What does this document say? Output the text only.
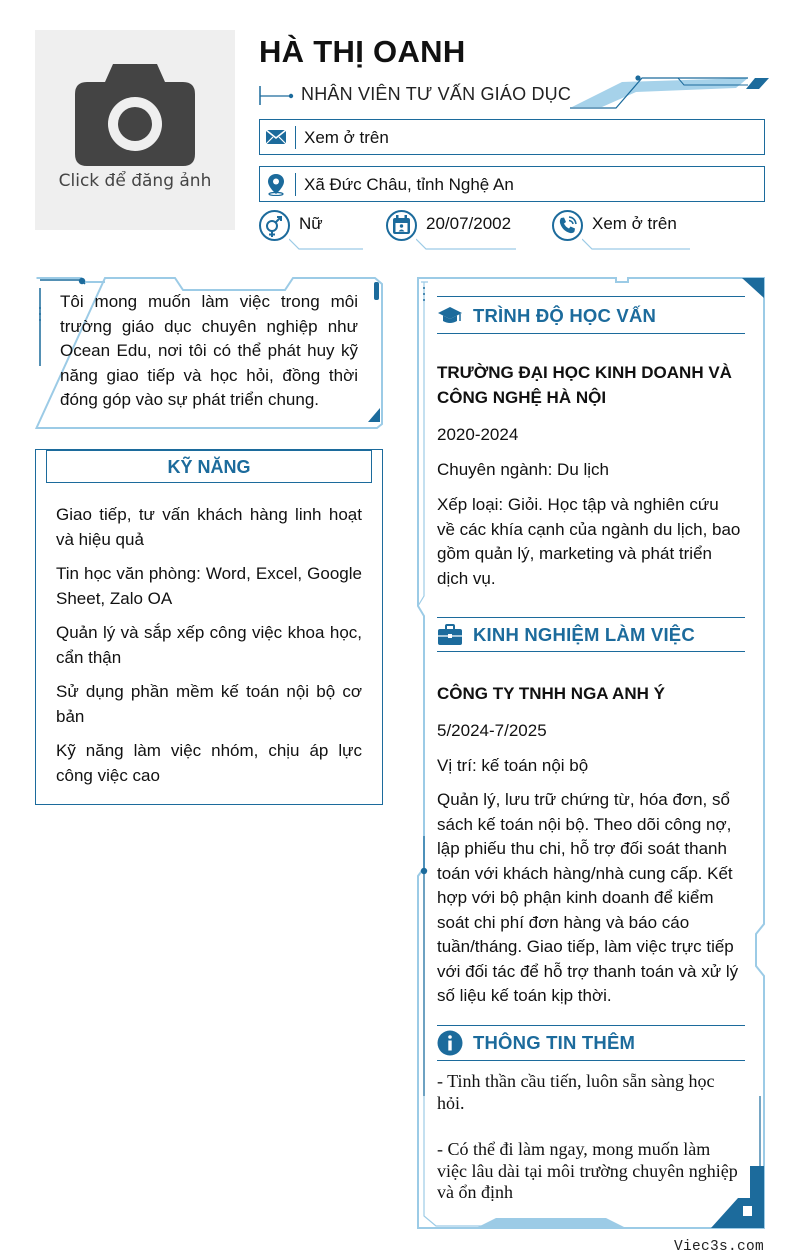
Click để đăng ảnh
HÀ THỊ OANH
NHÂN VIÊN TƯ VẤN GIÁO DỤC
Xem ở trên
Xã Đức Châu, tỉnh Nghệ An
Nữ	20/07/2002	Xem ở trên
Tôi mong muốn làm việc trong môi trường giáo dục chuyên nghiệp như Ocean Edu, nơi tôi có thể phát huy kỹ năng giao tiếp và học hỏi, đồng thời đóng góp vào sự phát triển chung.
KỸ NĂNG
Giao tiếp, tư vấn khách hàng linh hoạt và hiệu quả
Tin học văn phòng: Word, Excel, Google Sheet, Zalo OA
Quản lý và sắp xếp công việc khoa học, cẩn thận
Sử dụng phần mềm kế toán nội bộ cơ bản
Kỹ năng làm việc nhóm, chịu áp lực công việc cao
TRÌNH ĐỘ HỌC VẤN
TRƯỜNG ĐẠI HỌC KINH DOANH VÀ CÔNG NGHỆ HÀ NỘI
2020-2024
Chuyên ngành: Du lịch
Xếp loại: Giỏi. Học tập và nghiên cứu về các khía cạnh của ngành du lịch, bao gồm quản lý, marketing và phát triển dịch vụ.
KINH NGHIỆM LÀM VIỆC
CÔNG TY TNHH NGA ANH Ý
5/2024-7/2025
Vị trí: kế toán nội bộ
Quản lý, lưu trữ chứng từ, hóa đơn, sổ sách kế toán nội bộ. Theo dõi công nợ, lập phiếu thu chi, hỗ trợ đối soát thanh toán với khách hàng/nhà cung cấp. Kết hợp với bộ phận kinh doanh để kiểm soát chi phí đơn hàng và báo cáo tuần/tháng. Giao tiếp, làm việc trực tiếp với đối tác để hỗ trợ thanh toán và xử lý số liệu kế toán kịp thời.
THÔNG TIN THÊM
- Tinh thần cầu tiến, luôn sẵn sàng học hỏi.
- Có thể đi làm ngay, mong muốn làm việc lâu dài tại môi trường chuyên nghiệp và ổn định
Viec3s.com
